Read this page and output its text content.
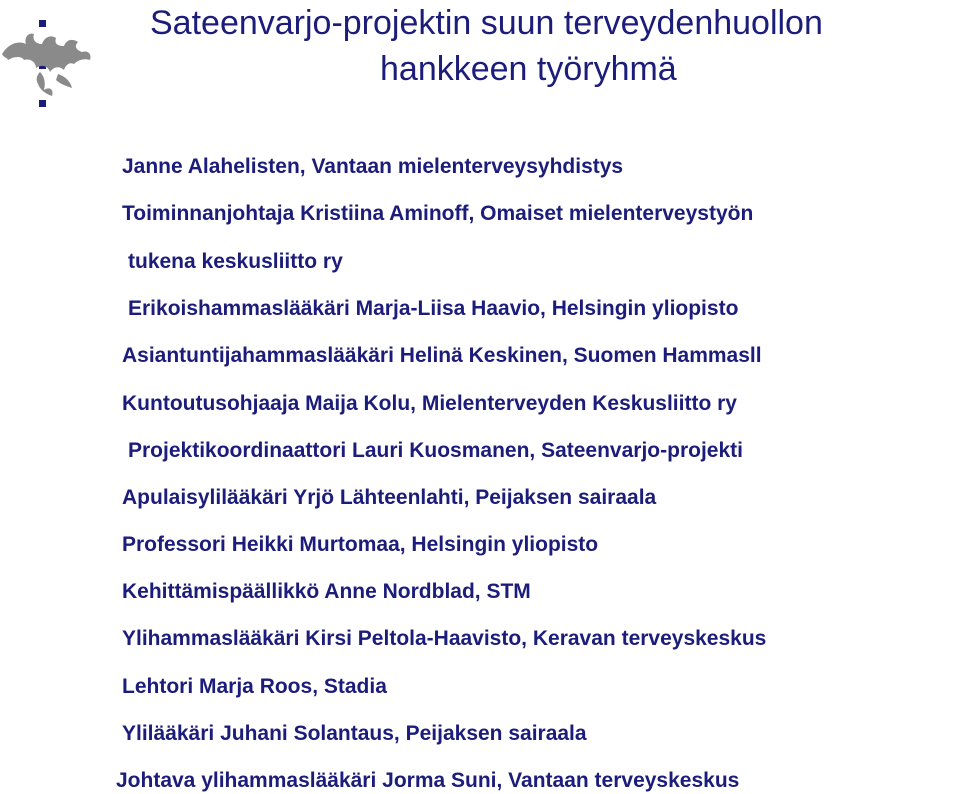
Sateenvarjo-projektin suun terveydenhuollon
hankkeen työryhmä
Janne Alahelisten, Vantaan mielenterveysyhdistys
Toiminnanjohtaja Kristiina Aminoff, Omaiset mielenterveystyön
tukena keskusliitto ry
Erikoishammaslääkäri Marja-Liisa Haavio, Helsingin yliopisto
Asiantuntijahammaslääkäri Helinä Keskinen, Suomen Hammasll
Kuntoutusohjaaja Maija Kolu, Mielenterveyden Keskusliitto ry
Projektikoordinaattori Lauri Kuosmanen, Sateenvarjo-projekti
Apulaisylilääkäri Yrjö Lähteenlahti, Peijaksen sairaala
Professori Heikki Murtomaa, Helsingin yliopisto
Kehittämispäällikkö Anne Nordblad, STM
Ylihammaslääkäri Kirsi Peltola-Haavisto, Keravan terveyskeskus
Lehtori Marja Roos, Stadia
Ylilääkäri Juhani Solantaus, Peijaksen sairaala
Johtava ylihammaslääkäri Jorma Suni, Vantaan terveyskeskus
